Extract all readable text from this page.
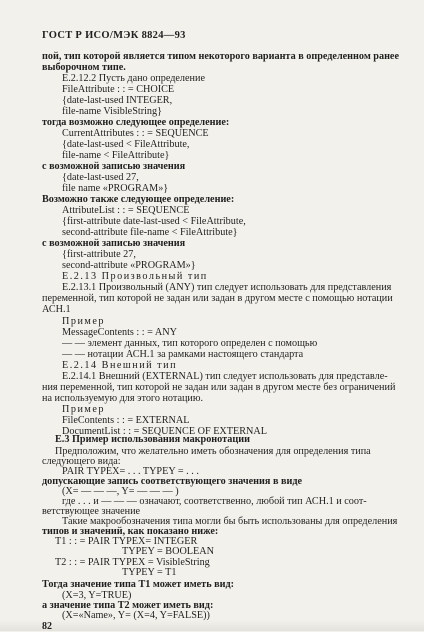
ГОСТ Р ИСО/МЭК 8824—93
пой, тип которой является типом некоторого варианта в определенном ранее
выборочном типе.
Е.2.12.2 Пусть дано определение
FileAttribute : : = CHOICE
{date-last-used INTEGER,
file-name VisibleString}
тогда возможно следующее определение:
CurrentAttributes : : = SEQUENCE
{date-last-used < FileAttribute,
file-name < FileAttribute}
с возможной записью значения
{date-last-used 27,
file name «PROGRAM»}
Возможно также следующее определение:
AttributeList : : = SEQUENCE
{first-attribute date-last-used < FileAttribute,
second-attribute file-name < FileAttribute}
с возможной записью значения
{first-attribute 27,
second-attribute «PROGRAM»}
Е.2.13 Произвольный тип
Е.2.13.1 Произвольный (ANY) тип следует использовать для представления
переменной, тип которой не задан или задан в другом месте с помощью нотации
АСН.1
Пример
MessageContents : : = ANY
— — элемент данных, тип которого определен с помощью
— — нотации АСН.1 за рамками настоящего стандарта
Е.2.14 Внешний тип
Е.2.14.1 Внешний (EXTERNAL) тип следует использовать для представле-
ния переменной, тип которой не задан или задан в другом месте без ограничений
на используемую для этого нотацию.
Пример
FileContents : : = EXTERNAL
DocumentList : : = SEQUENCE OF EXTERNAL
Е.3 Пример использования макронотации
Предположим, что желательно иметь обозначения для определения типа
следующего вида:
PAIR TYPEX= . . . TYPEY = . . .
допускающие запись соответствующего значения в виде
(X= — — —, Y= — — — )
где . . . и — — — означают, соответственно, любой тип АСН.1 и соот-
ветствующее значение
Такие макрообозначения типа могли бы быть использованы для определения
типов и значений, как показано ниже:
T1 : : = PAIR TYPEX= INTEGER
TYPEY = BOOLEAN
T2 : : = PAIR TYPEX = VisibleString
TYPEY = T1
Тогда значение типа T1 может иметь вид:
(X=3, Y=TRUE)
а значение типа T2 может иметь вид:
(X=«Name», Y= (X=4, Y=FALSE))
82
